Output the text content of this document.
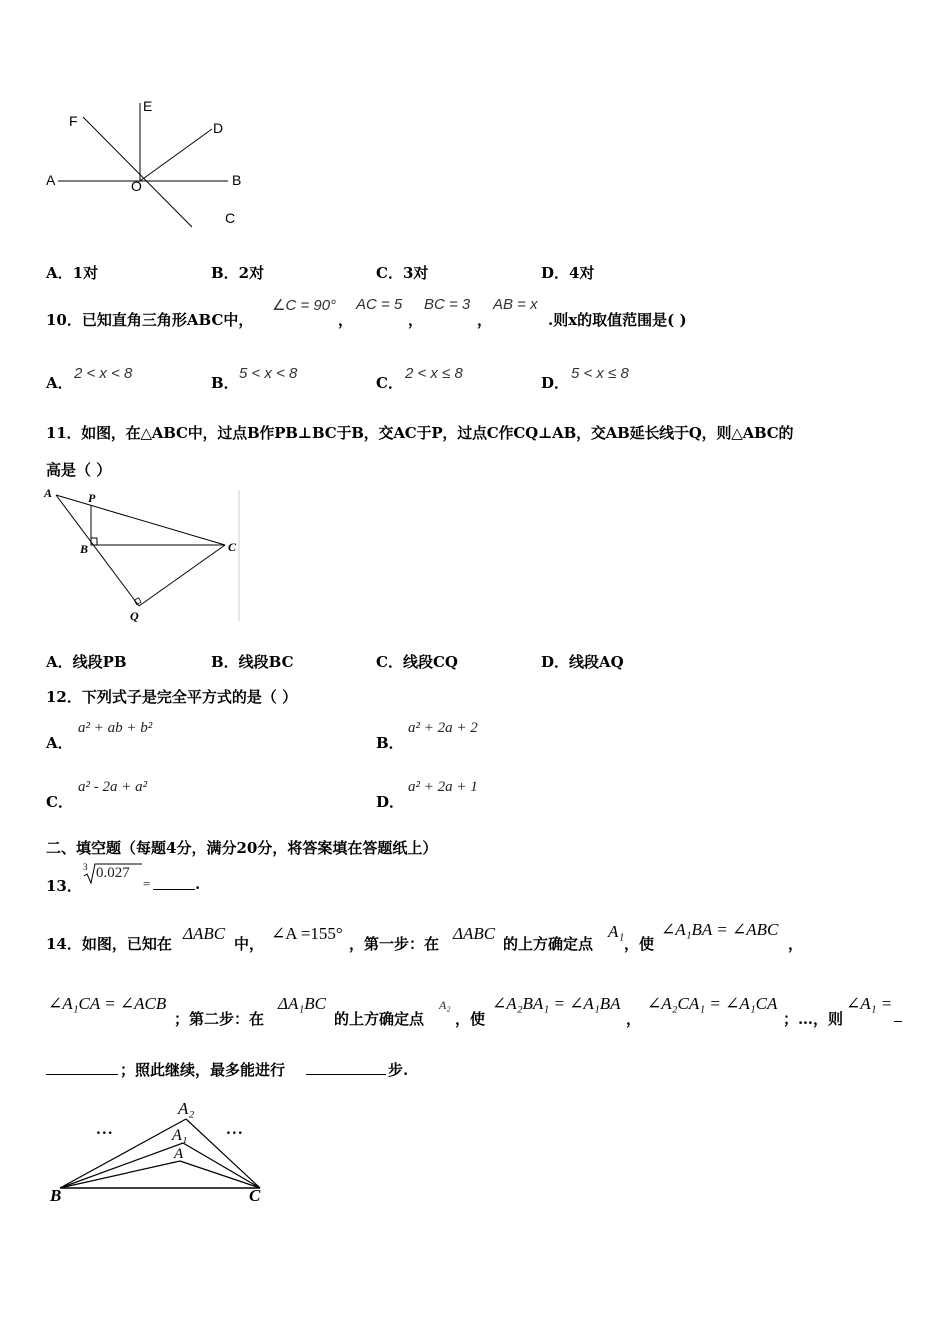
A	B
C
D
E
F
O
A．1对	B．2对	C．3对	D．4对
10．已知直角三角形ABC中，
∠C = 90°
，
AC = 5
，
BC = 3
，
AB = x
.则x的取值范围是( )
A．
2 < x < 8
B．
5 < x < 8
C．
2 < x ≤ 8
D．
5 < x ≤ 8
11．如图，在△ABC中，过点B作PB⊥BC于B，交AC于P，过点C作CQ⊥AB，交AB延长线于Q，则△ABC的
高是（ ）
A	P
B	C
Q
A．线段PB	B．线段BC	C．线段CQ	D．线段AQ
12．下列式子是完全平方式的是（ ）
A．
a² + ab + b²
B．
a² + 2a + 2
C．
a² - 2a + a²
D．
a² + 2a + 1
二、填空题（每题4分，满分20分，将答案填在答题纸上）
13．
3 0.027
=	.
14．如图，已知在
ΔABC
中，
∠A =155°
，第一步：在
ΔABC
的上方确定点
A₁
，使
∠A₁BA = ∠ABC
，
∠A₁CA = ∠ACB
；第二步：在
ΔA₁BC
的上方确定点
A₂
，使
∠A₂BA₁ = ∠A₁BA
，
∠A₂CA₁ = ∠A₁CA
；…，则
∠A₁ =
；照此继续，最多能进行	步.
A₂
A₁
A
B	C
...	...
